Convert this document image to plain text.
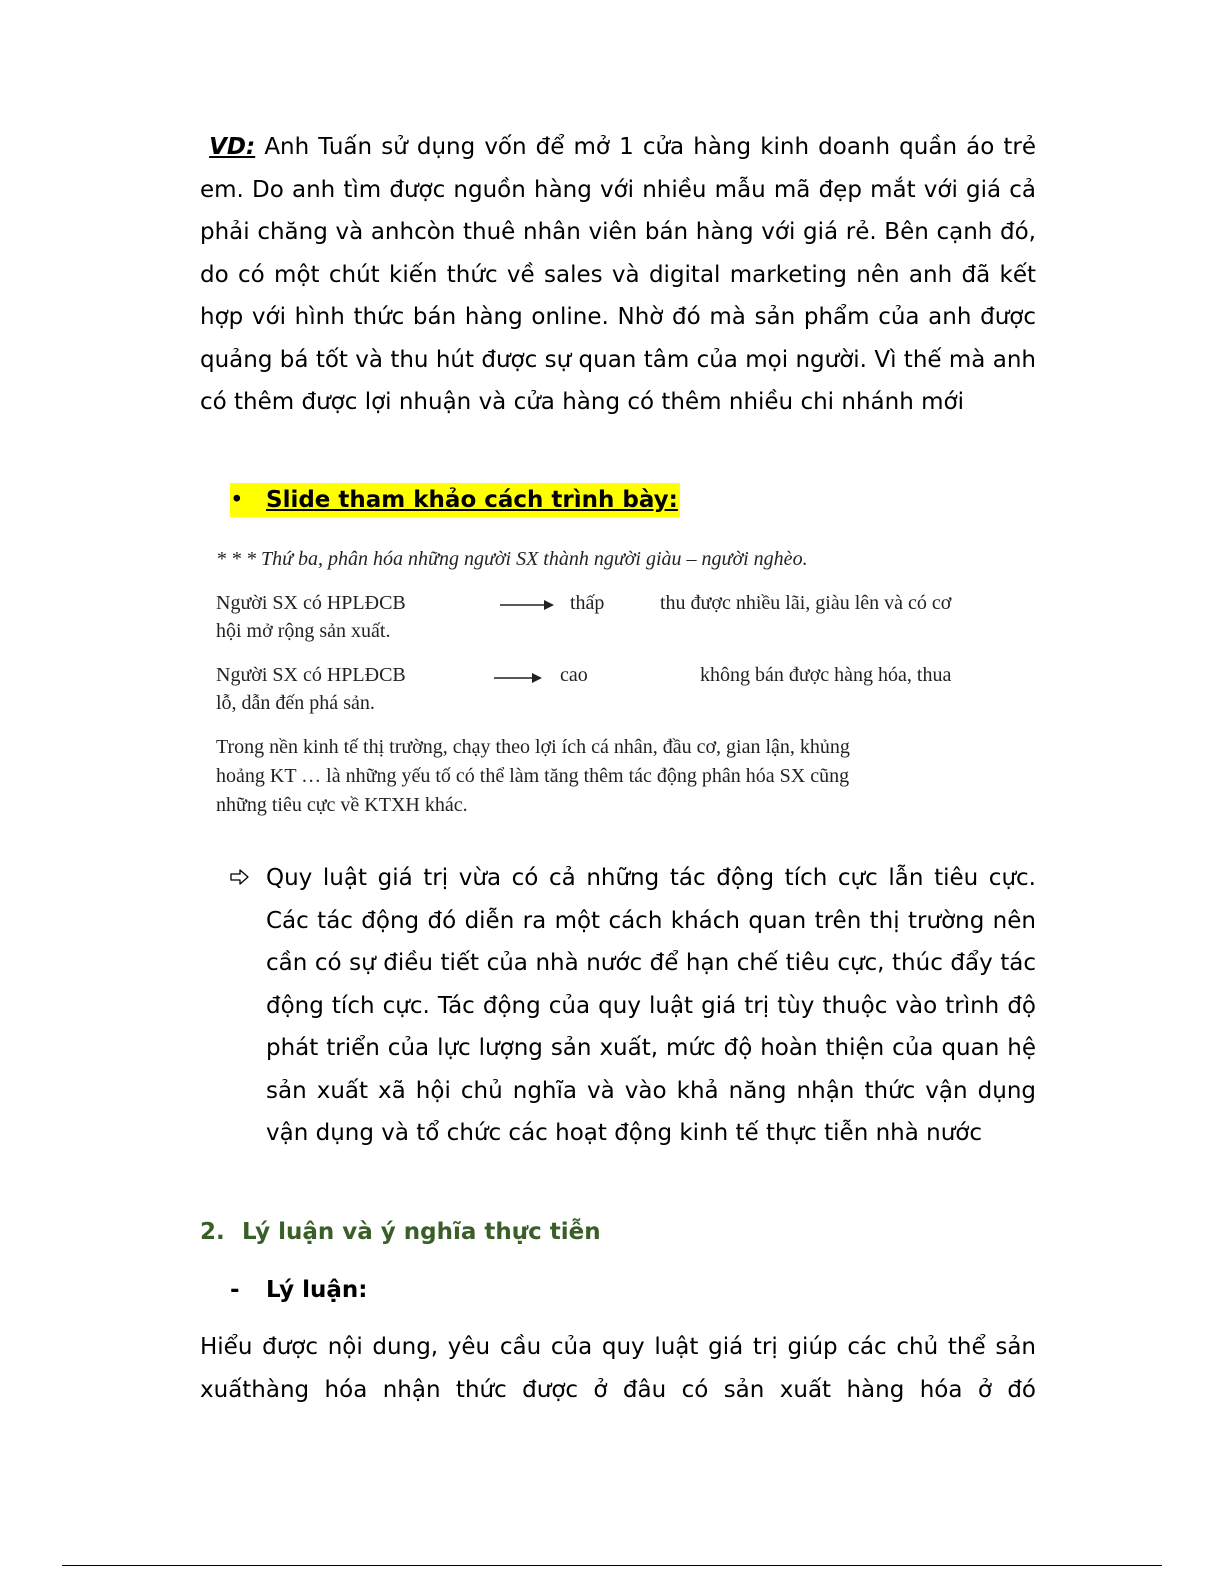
VD: Anh Tuấn sử dụng vốn để mở 1 cửa hàng kinh doanh quần áo trẻ em. Do anh tìm được nguồn hàng với nhiều mẫu mã đẹp mắt với giá cả phải chăng và anhcòn thuê nhân viên bán hàng với giá rẻ. Bên cạnh đó, do có một chút kiến thức về sales và digital marketing nên anh đã kết hợp với hình thức bán hàng online. Nhờ đó mà sản phẩm của anh được quảng bá tốt và thu hút được sự quan tâm của mọi người. Vì thế mà anh có thêm được lợi nhuận và cửa hàng có thêm nhiều chi nhánh mới

• Slide tham khảo cách trình bày:
* * * Thứ ba, phân hóa những người SX thành người giàu – người nghèo.
Người SX có HPLĐCB	thấp	thu được nhiều lãi, giàu lên và có cơ
hội mở rộng sản xuất.
Người SX có HPLĐCB	cao	không bán được hàng hóa, thua
lỗ, dẫn đến phá sản.
Trong nền kinh tế thị trường, chạy theo lợi ích cá nhân, đầu cơ, gian lận, khủng
hoảng KT … là những yếu tố có thể làm tăng thêm tác động phân hóa SX cũng
những tiêu cực về KTXH khác.

Quy luật giá trị vừa có cả những tác động tích cực lẫn tiêu cực. Các tác động đó diễn ra một cách khách quan trên thị trường nên cần có sự điều tiết của nhà nước để hạn chế tiêu cực, thúc đẩy tác động tích cực. Tác động của quy luật giá trị tùy thuộc vào trình độ phát triển của lực lượng sản xuất, mức độ hoàn thiện của quan hệ sản xuất xã hội chủ nghĩa và vào khả năng nhận thức vận dụng vận dụng và tổ chức các hoạt động kinh tế thực tiễn nhà nước

2. Lý luận và ý nghĩa thực tiễn
- Lý luận:

Hiểu được nội dung, yêu cầu của quy luật giá trị giúp các chủ thể sản xuấthàng hóa nhận thức được ở đâu có sản xuất hàng hóa ở đó
